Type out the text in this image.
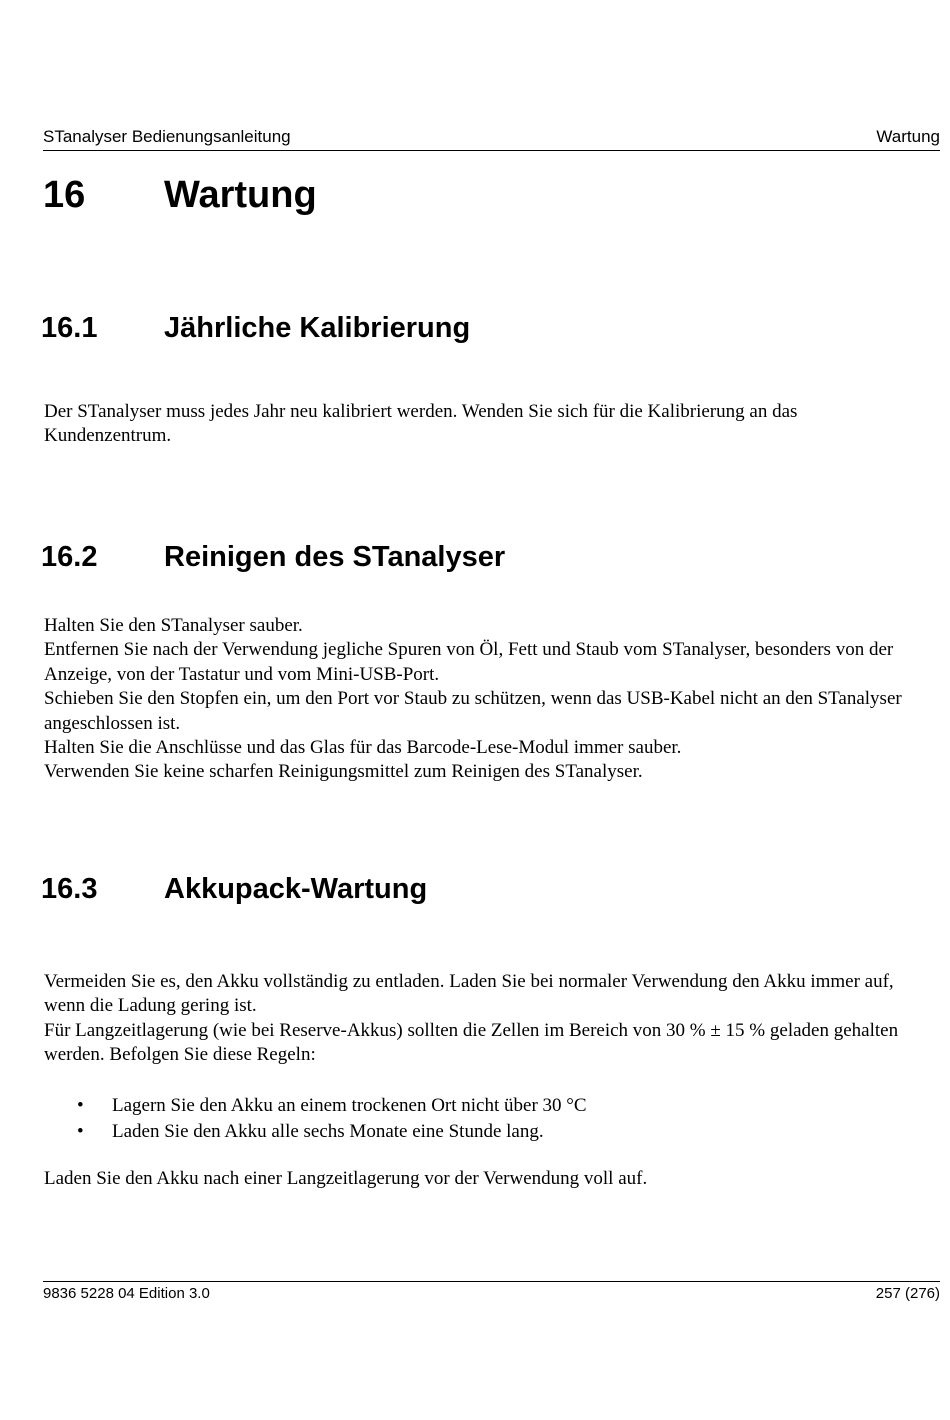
STanalyser Bedienungsanleitung	Wartung
16 Wartung
16.1 Jährliche Kalibrierung

Der STanalyser muss jedes Jahr neu kalibriert werden. Wenden Sie sich für die Kalibrierung an das Kundenzentrum.

16.2 Reinigen des STanalyser

Halten Sie den STanalyser sauber.

Entfernen Sie nach der Verwendung jegliche Spuren von Öl, Fett und Staub vom STanalyser, besonders von der Anzeige, von der Tastatur und vom Mini-USB-Port.

Schieben Sie den Stopfen ein, um den Port vor Staub zu schützen, wenn das USB-Kabel nicht an den STanalyser angeschlossen ist.

Halten Sie die Anschlüsse und das Glas für das Barcode-Lese-Modul immer sauber.

Verwenden Sie keine scharfen Reinigungsmittel zum Reinigen des STanalyser.

16.3 Akkupack-Wartung

Vermeiden Sie es, den Akku vollständig zu entladen. Laden Sie bei normaler Verwendung den Akku immer auf, wenn die Ladung gering ist.

Für Langzeitlagerung (wie bei Reserve-Akkus) sollten die Zellen im Bereich von 30 % ± 15 % geladen gehalten werden. Befolgen Sie diese Regeln:

• Lagern Sie den Akku an einem trockenen Ort nicht über 30 °C
• Laden Sie den Akku alle sechs Monate eine Stunde lang.

Laden Sie den Akku nach einer Langzeitlagerung vor der Verwendung voll auf.

9836 5228 04 Edition 3.0	257 (276)
